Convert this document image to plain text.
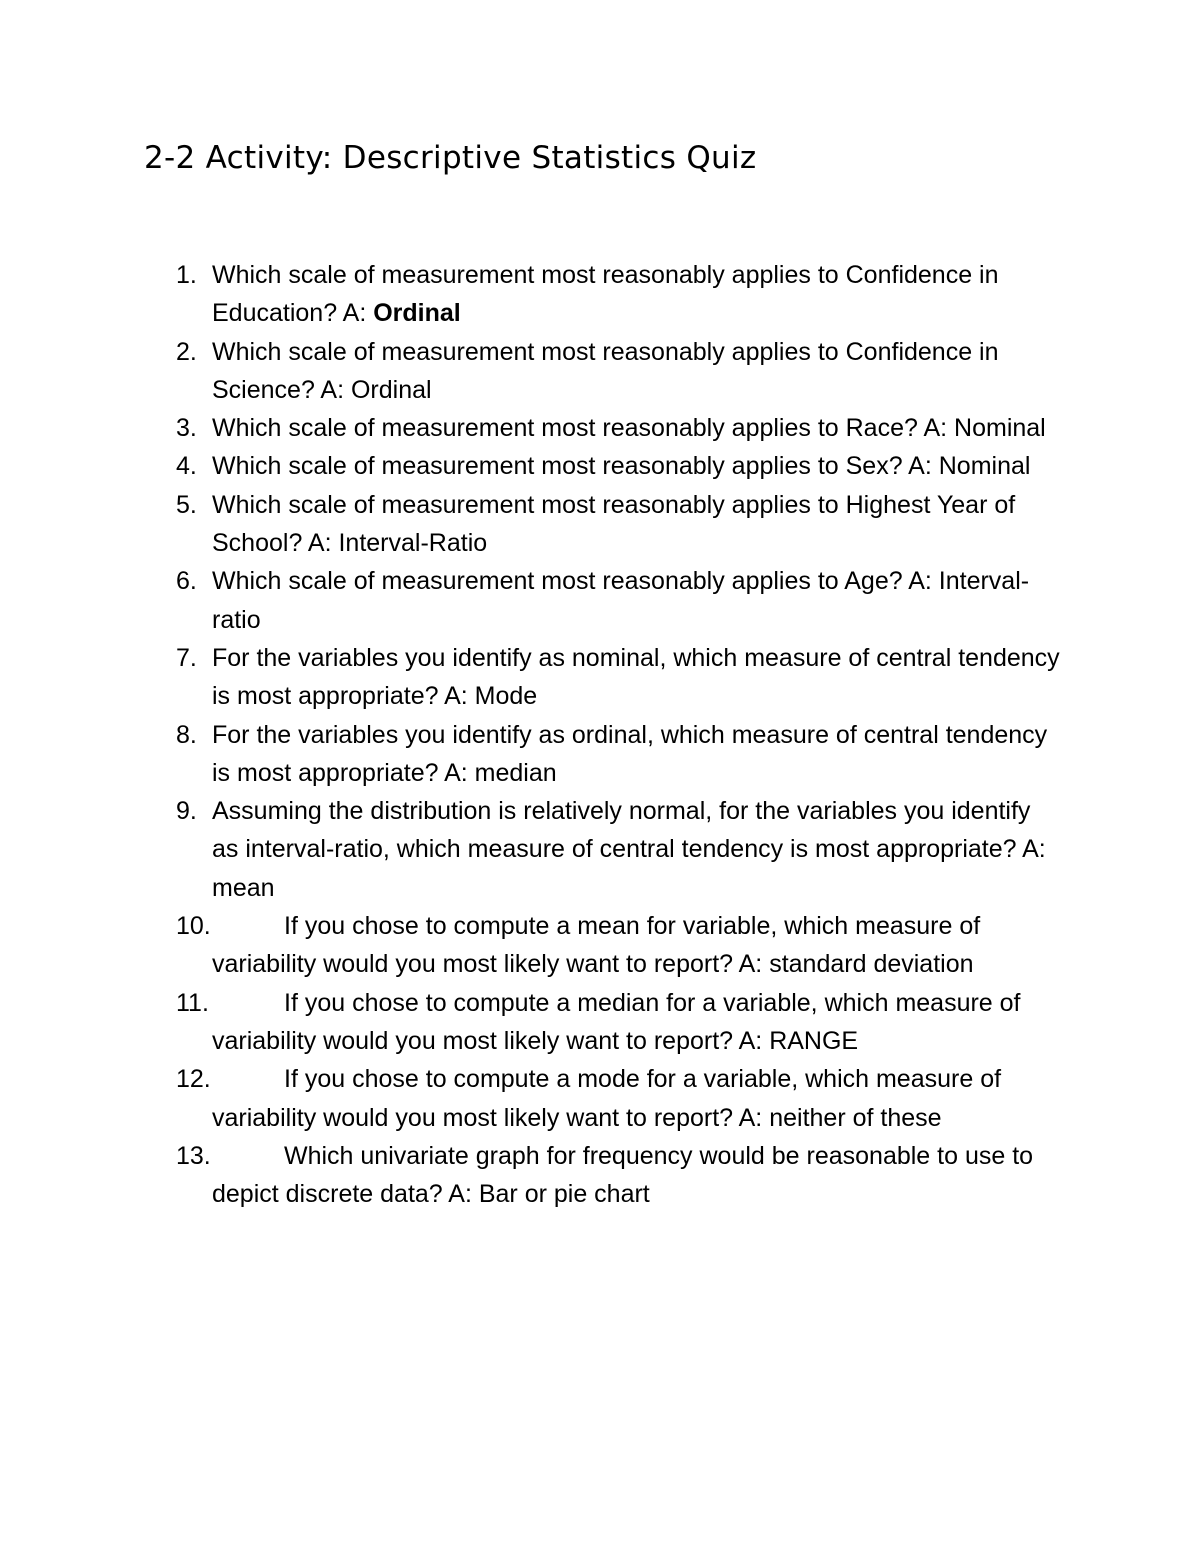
2-2 Activity: Descriptive Statistics Quiz
1. Which scale of measurement most reasonably applies to Confidence in Education? A: Ordinal
2. Which scale of measurement most reasonably applies to Confidence in Science? A: Ordinal
3. Which scale of measurement most reasonably applies to Race? A: Nominal
4. Which scale of measurement most reasonably applies to Sex? A: Nominal
5. Which scale of measurement most reasonably applies to Highest Year of School? A: Interval-Ratio
6. Which scale of measurement most reasonably applies to Age? A: Interval-ratio
7. For the variables you identify as nominal, which measure of central tendency is most appropriate? A: Mode
8. For the variables you identify as ordinal, which measure of central tendency is most appropriate? A: median
9. Assuming the distribution is relatively normal, for the variables you identify as interval-ratio, which measure of central tendency is most appropriate? A: mean
10.	If you chose to compute a mean for variable, which measure of variability would you most likely want to report? A: standard deviation
11.	If you chose to compute a median for a variable, which measure of variability would you most likely want to report? A: RANGE
12.	If you chose to compute a mode for a variable, which measure of variability would you most likely want to report? A: neither of these
13.	Which univariate graph for frequency would be reasonable to use to depict discrete data? A: Bar or pie chart
